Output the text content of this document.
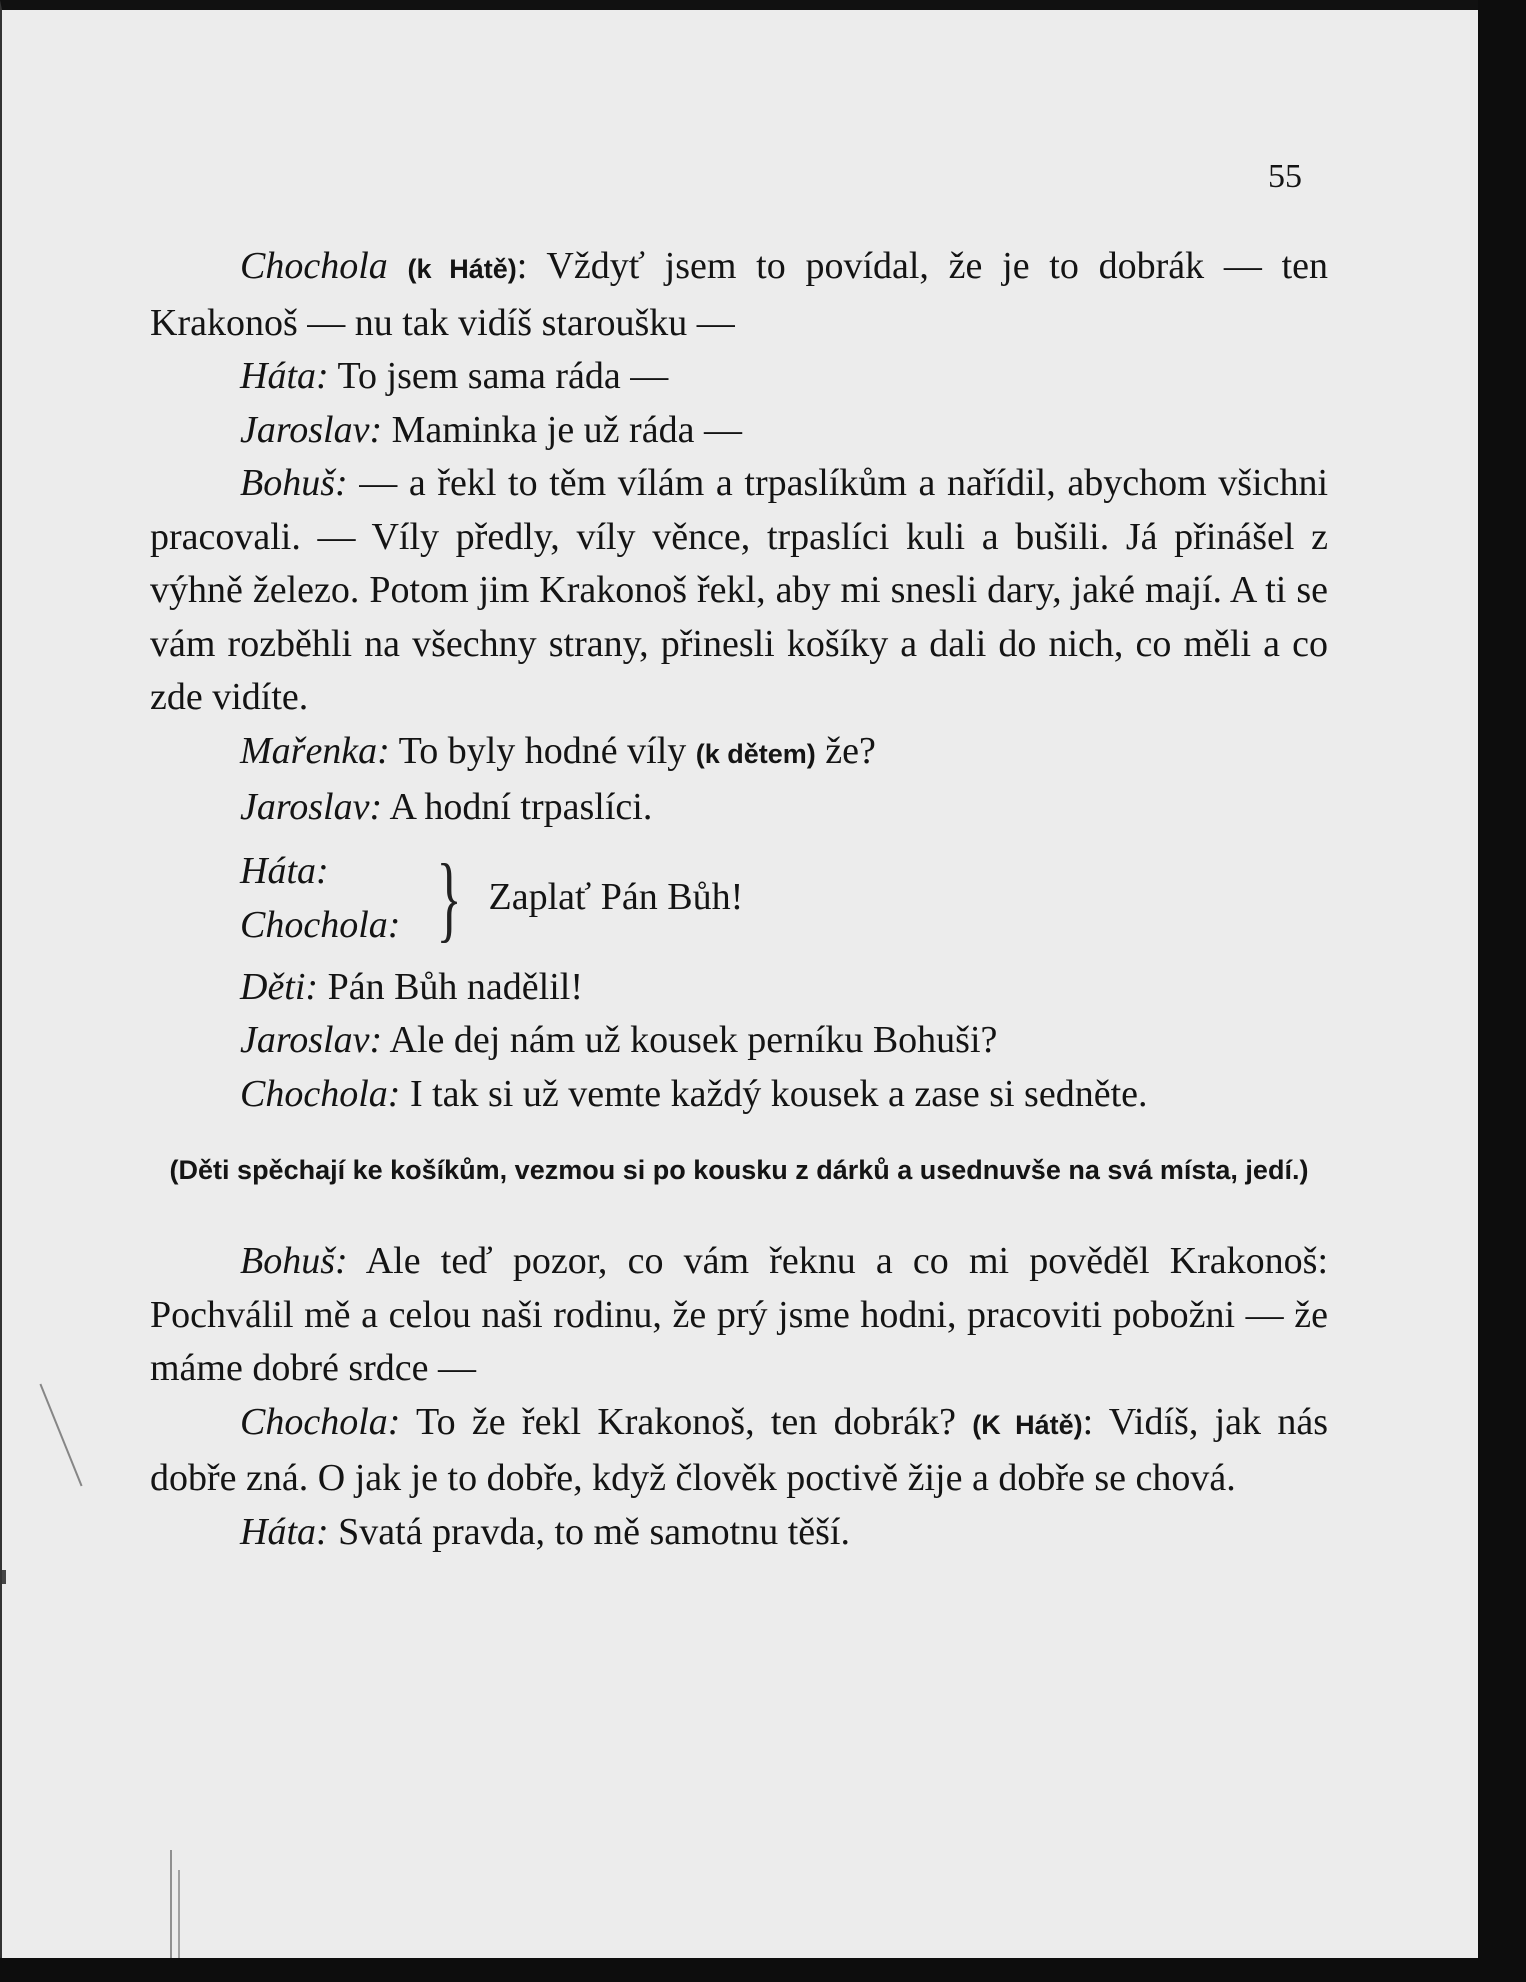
55

Chochola (k Hátě): Vždyť jsem to povídal, že je to dobrák — ten Krakonoš — nu tak vidíš staroušku —

Háta: To jsem sama ráda —

Jaroslav: Maminka je už ráda —

Bohuš: — a řekl to těm vílám a trpaslíkům a nařídil, abychom všichni pracovali. — Víly předly, víly věnce, trpaslíci kuli a bušili. Já přinášel z výhně železo. Potom jim Krakonoš řekl, aby mi snesli dary, jaké mají. A ti se vám rozběhli na všechny strany, přinesli košíky a dali do nich, co měli a co zde vidíte.

Mařenka: To byly hodné víly (k dětem) že?

Jaroslav: A hodní trpaslíci.

Háta:
Chochola: } Zaplať Pán Bůh!

Děti: Pán Bůh nadělil!

Jaroslav: Ale dej nám už kousek perníku Bohuši?

Chochola: I tak si už vemte každý kousek a zase si sedněte.

(Děti spěchají ke košíkům, vezmou si po kousku z dárků a usednuvše na svá místa, jedí.)

Bohuš: Ale teď pozor, co vám řeknu a co mi pověděl Krakonoš: Pochválil mě a celou naši rodinu, že prý jsme hodni, pracoviti pobožni — že máme dobré srdce —

Chochola: To že řekl Krakonoš, ten dobrák? (K Hátě): Vidíš, jak nás dobře zná. O jak je to dobře, když člověk poctivě žije a dobře se chová.

Háta: Svatá pravda, to mě samotnu těší.
